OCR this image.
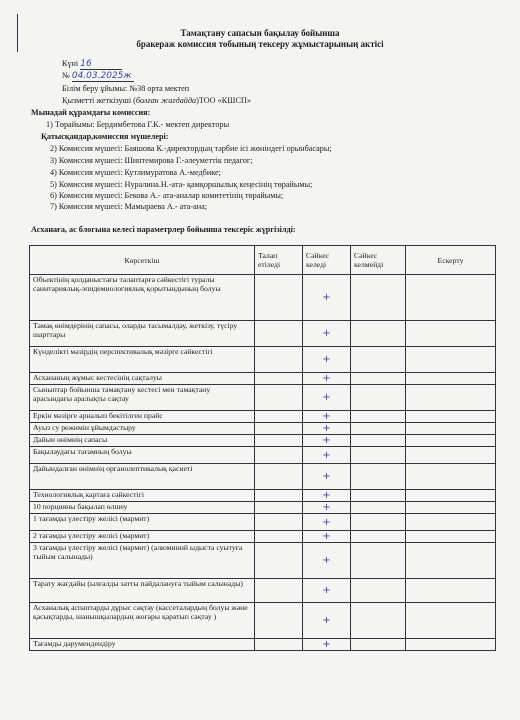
Тамақтану сапасын бақылау бойынша
бракераж комиссия тобының тексеру жұмыстарының актісі
Күні 16
№ 04.03.2025ж
Білім беру ұйымы: №38 орта мектеп
Қызметті жеткізуші (болған жағдайда)ТОО «КШСП»
Мынадай құрамдағы комиссия:
1) Төрайымы: Бердимбетова Г.К.- мектеп директоры
Қатысқандар,комиссия мүшелері:
2) Комиссия мүшесі: Баяшова К.-директордың тәрбие ісі жөніндегі орынбасары;
3) Комиссия мүшесі: Шинтемирова Г.-әлеуметтік педагог;
4) Комиссия мүшесі: Кутлимуратова А.-медбике;
5) Комиссия мүшесі: Нуралина.Н.-ата- қамқоршылық кеңесінің төрайымы;
6) Комиссия мүшесі: Бекова А.- ата-аналар комитетінің төрайымы;
7) Комиссия мүшесі: Мамыраева А.- ата-ана;
Асханаға, ас блогына келесі параметрлер бойынша тексеріс жүргізілді:
Көрсеткіш	Талап етіледі	Сәйкес келеді	Сәйкес келмейді	Ескерту
Объектінің қолданыстағы талаптарға сәйкестігі туралы санитариялық-эпидемиологиялық қорытындының болуы		+		
Тамақ өнімдерінің сапасы, оларды тасымалдау, жеткізу, түсіру шарттары		+		
Күнделікті мәзірдің перспективалық мәзірге сәйкестігі		+		
Асхананың жұмыс кестесінің сақталуы		+		
Сыныптар бойынша тамақтану кестесі мен тамақтану арасындағы аралықты сақтау		+		
Еркін мәзірге арналып бекітілген прайс		+		
Ауыз су режимін ұйымдастыру		+		
Дайын өнімнің сапасы		+		
Бақылаудағы тағамның болуы		+		
Дайындалған өнімнің органолептикалық қасиеті		+		
Технологиялық картаға сәйкестігі		+		
10 порцияны бақылап өлшеу		+		
1 тағамды үлестіру желісі (мармит)		+		
2 тағамды үлестіру желісі (мармит)		+		
3 тағамды үлестіру желісі (мармит) (алюминий ыдыста суытуға тыйым салынады)		+		
Тарату жағдайы (ылғалды затты пайдалануға тыйым салынады)		+		
Асханалық аспаптарды дұрыс сақтау (кассеталардың болуы және қасықтарды, шанышқылардың жоғары қаратып сақтау )		+		
Тағамды дәрумендендіру		+		
